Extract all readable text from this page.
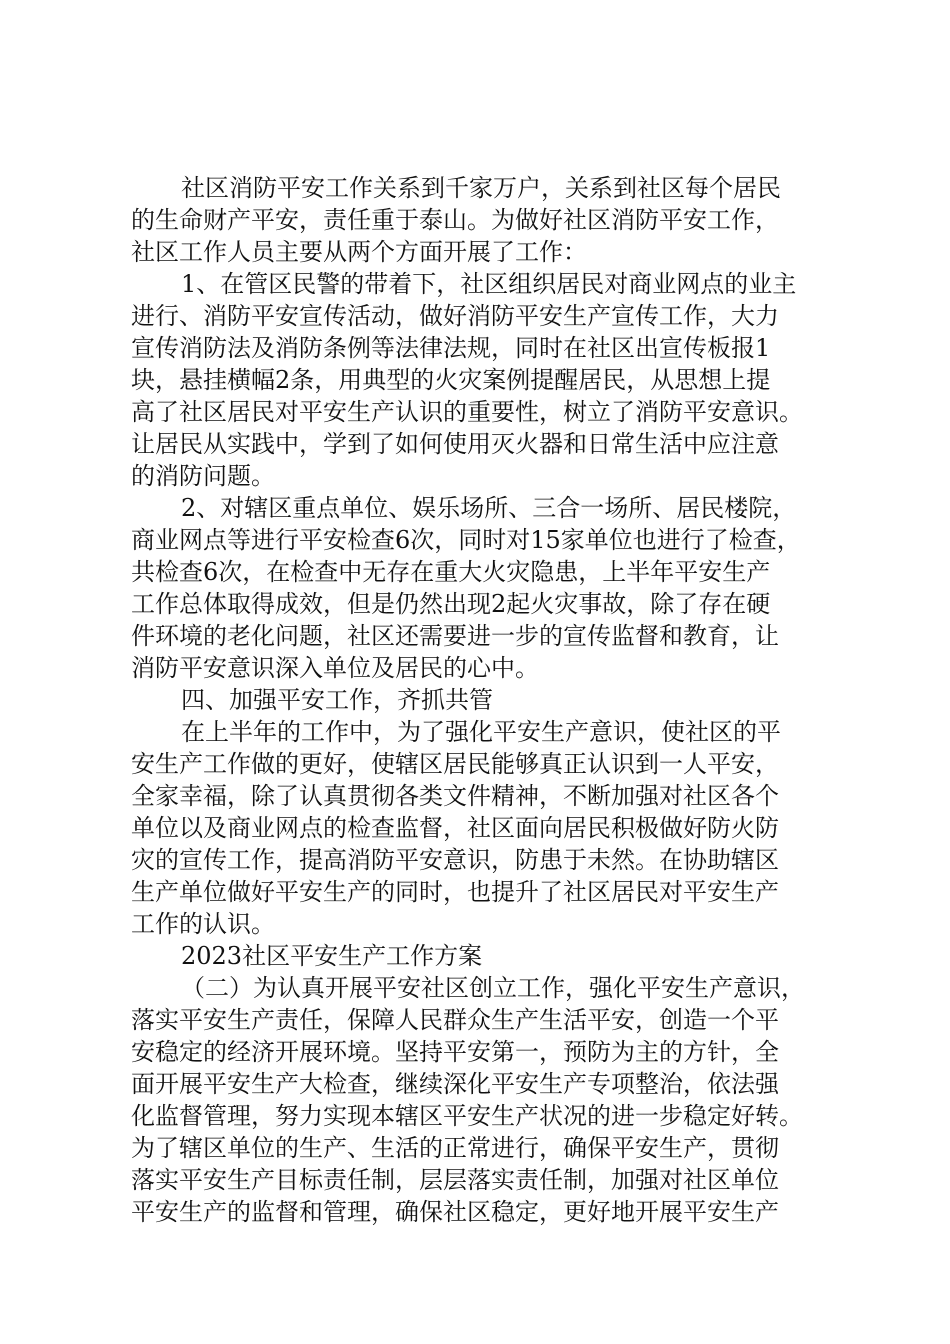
社区消防平安工作关系到千家万户，关系到社区每个居民
的生命财产平安，责任重于泰山。为做好社区消防平安工作，
社区工作人员主要从两个方面开展了工作：

1、在管区民警的带着下，社区组织居民对商业网点的业主
进行、消防平安宣传活动，做好消防平安生产宣传工作，大力
宣传消防法及消防条例等法律法规，同时在社区出宣传板报1
块，悬挂横幅2条，用典型的火灾案例提醒居民，从思想上提
高了社区居民对平安生产认识的重要性，树立了消防平安意识。
让居民从实践中，学到了如何使用灭火器和日常生活中应注意
的消防问题。

2、对辖区重点单位、娱乐场所、三合一场所、居民楼院，
商业网点等进行平安检查6次，同时对15家单位也进行了检查，
共检查6次，在检查中无存在重大火灾隐患，上半年平安生产
工作总体取得成效，但是仍然出现2起火灾事故，除了存在硬
件环境的老化问题，社区还需要进一步的宣传监督和教育，让
消防平安意识深入单位及居民的心中。

四、加强平安工作，齐抓共管

在上半年的工作中，为了强化平安生产意识，使社区的平
安生产工作做的更好，使辖区居民能够真正认识到一人平安，
全家幸福，除了认真贯彻各类文件精神，不断加强对社区各个
单位以及商业网点的检查监督，社区面向居民积极做好防火防
灾的宣传工作，提高消防平安意识，防患于未然。在协助辖区
生产单位做好平安生产的同时，也提升了社区居民对平安生产
工作的认识。

2023社区平安生产工作方案

（二）为认真开展平安社区创立工作，强化平安生产意识，
落实平安生产责任，保障人民群众生产生活平安，创造一个平
安稳定的经济开展环境。坚持平安第一，预防为主的方针，全
面开展平安生产大检查，继续深化平安生产专项整治，依法强
化监督管理，努力实现本辖区平安生产状况的进一步稳定好转。
为了辖区单位的生产、生活的正常进行，确保平安生产，贯彻
落实平安生产目标责任制，层层落实责任制，加强对社区单位
平安生产的监督和管理，确保社区稳定，更好地开展平安生产
